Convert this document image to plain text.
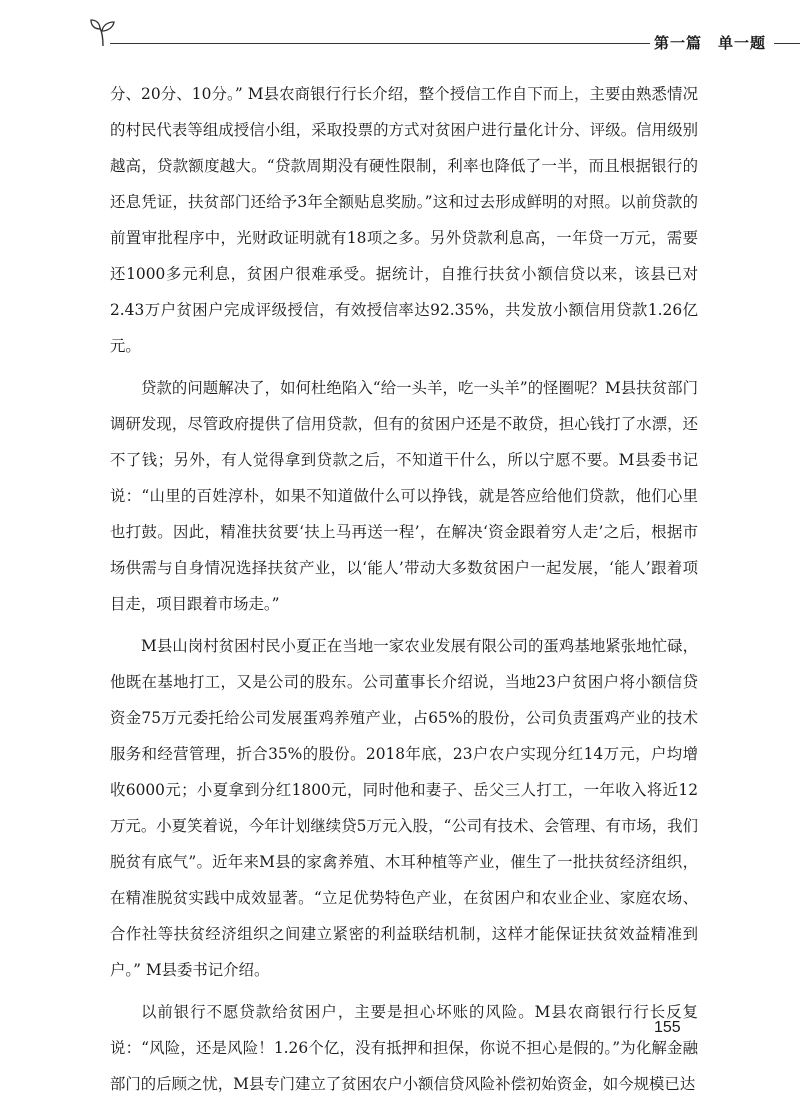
第一篇　单一题

分、20分、10分。” M县农商银行行长介绍，整个授信工作自下而上，主要由熟悉情况的村民代表等组成授信小组，采取投票的方式对贫困户进行量化计分、评级。信用级别越高，贷款额度越大。“贷款周期没有硬性限制，利率也降低了一半，而且根据银行的还息凭证，扶贫部门还给予3年全额贴息奖励。”这和过去形成鲜明的对照。以前贷款的前置审批程序中，光财政证明就有18项之多。另外贷款利息高，一年贷一万元，需要还1000多元利息，贫困户很难承受。据统计，自推行扶贫小额信贷以来，该县已对2.43万户贫困户完成评级授信，有效授信率达92.35%，共发放小额信用贷款1.26亿元。

贷款的问题解决了，如何杜绝陷入“给一头羊，吃一头羊”的怪圈呢？M县扶贫部门调研发现，尽管政府提供了信用贷款，但有的贫困户还是不敢贷，担心钱打了水漂，还不了钱；另外，有人觉得拿到贷款之后，不知道干什么，所以宁愿不要。M县委书记说：“山里的百姓淳朴，如果不知道做什么可以挣钱，就是答应给他们贷款，他们心里也打鼓。因此，精准扶贫要‘扶上马再送一程’，在解决‘资金跟着穷人走’之后，根据市场供需与自身情况选择扶贫产业，以‘能人’带动大多数贫困户一起发展，‘能人’跟着项目走，项目跟着市场走。”

M县山岗村贫困村民小夏正在当地一家农业发展有限公司的蛋鸡基地紧张地忙碌，他既在基地打工，又是公司的股东。公司董事长介绍说，当地23户贫困户将小额信贷资金75万元委托给公司发展蛋鸡养殖产业，占65%的股份，公司负责蛋鸡产业的技术服务和经营管理，折合35%的股份。2018年底，23户农户实现分红14万元，户均增收6000元；小夏拿到分红1800元，同时他和妻子、岳父三人打工，一年收入将近12万元。小夏笑着说，今年计划继续贷5万元入股，“公司有技术、会管理、有市场，我们脱贫有底气”。近年来M县的家禽养殖、木耳种植等产业，催生了一批扶贫经济组织，在精准脱贫实践中成效显著。“立足优势特色产业，在贫困户和农业企业、家庭农场、合作社等扶贫经济组织之间建立紧密的利益联结机制，这样才能保证扶贫效益精准到户。” M县委书记介绍。

以前银行不愿贷款给贫困户，主要是担心坏账的风险。M县农商银行行长反复说：“风险，还是风险！1.26个亿，没有抵押和担保，你说不担心是假的。”为化解金融部门的后顾之忧，M县专门建立了贫困农户小额信贷风险补偿初始资金，如今规模已达

155
